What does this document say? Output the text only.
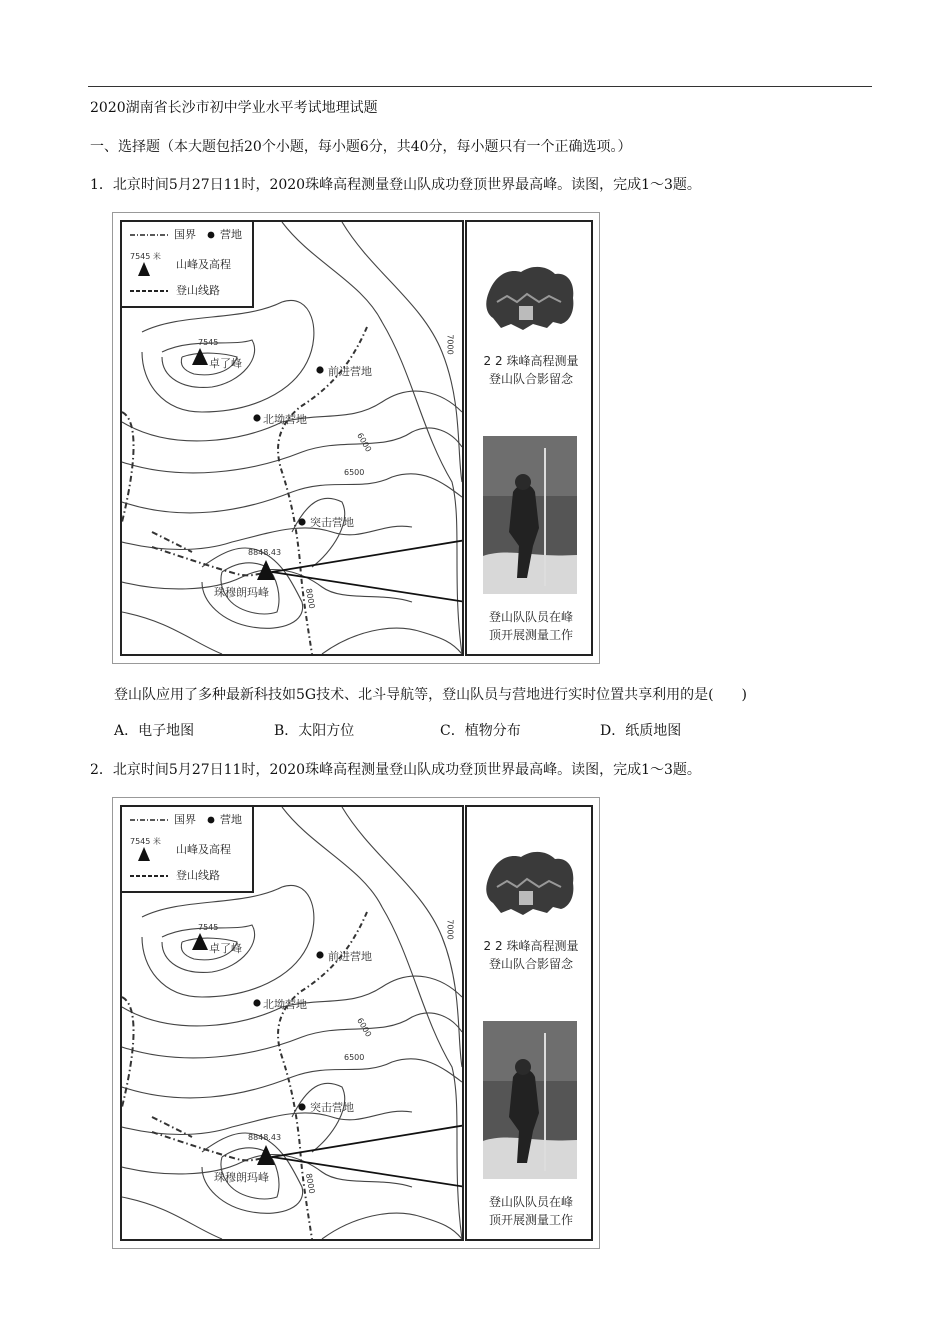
2020湖南省长沙市初中学业水平考试地理试题
一、选择题（本大题包括20个小题，每小题6分，共40分，每小题只有一个正确选项。）
1．北京时间5月27日11时，2020珠峰高程测量登山队成功登顶世界最高峰。读图，完成1～3题。
国界 营地
7545 米
山峰及高程
登山线路
7545
卓了峰
前进营地
北坳营地
突击营地
8848.43
珠穆朗玛峰
6000
6500
7000
8000
2 2 珠峰高程测量
登山队合影留念
登山队队员在峰
顶开展测量工作
登山队应用了多种最新科技如5G技术、北斗导航等，登山队员与营地进行实时位置共享利用的是(　　)
A．电子地图	B．太阳方位	C．植物分布	D．纸质地图
2．北京时间5月27日11时，2020珠峰高程测量登山队成功登顶世界最高峰。读图，完成1～3题。
国界 营地
7545 米
山峰及高程
登山线路
7545
卓了峰
前进营地
北坳营地
突击营地
8848.43
珠穆朗玛峰
6000
6500
7000
8000
2 2 珠峰高程测量
登山队合影留念
登山队队员在峰
顶开展测量工作
